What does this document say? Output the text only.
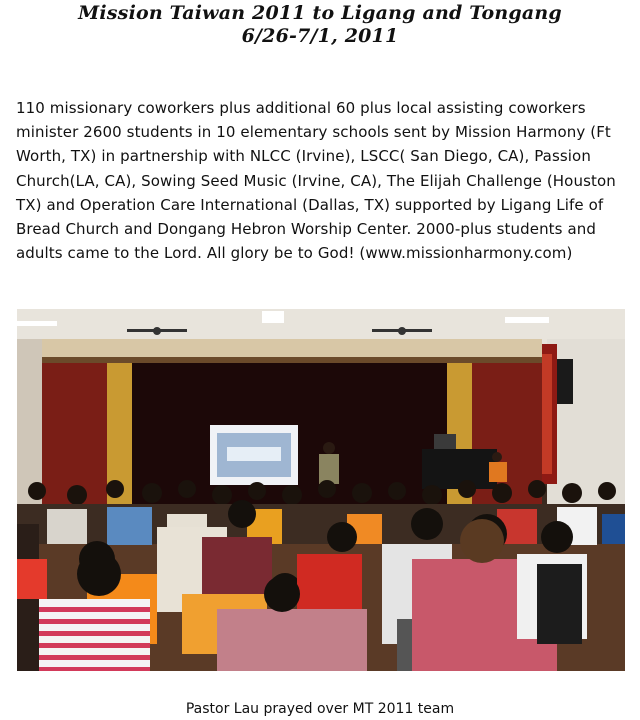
Mission Taiwan 2011 to Ligang and Tongang
6/26-7/1, 2011
110 missionary coworkers plus additional 60 plus local assisting coworkers minister 2600 students in 10 elementary schools sent by Mission Harmony (Ft Worth, TX) in partnership with NLCC (Irvine), LSCC( San Diego, CA), Passion Church(LA, CA), Sowing Seed Music (Irvine, CA), The Elijah Challenge (Houston TX) and Operation Care International (Dallas, TX) supported by Ligang Life of Bread Church and Dongang Hebron Worship Center. 2000-plus students and adults came to the Lord. All glory be to God! (www.missionharmony.com)
Pastor Lau prayed over MT 2011 team
